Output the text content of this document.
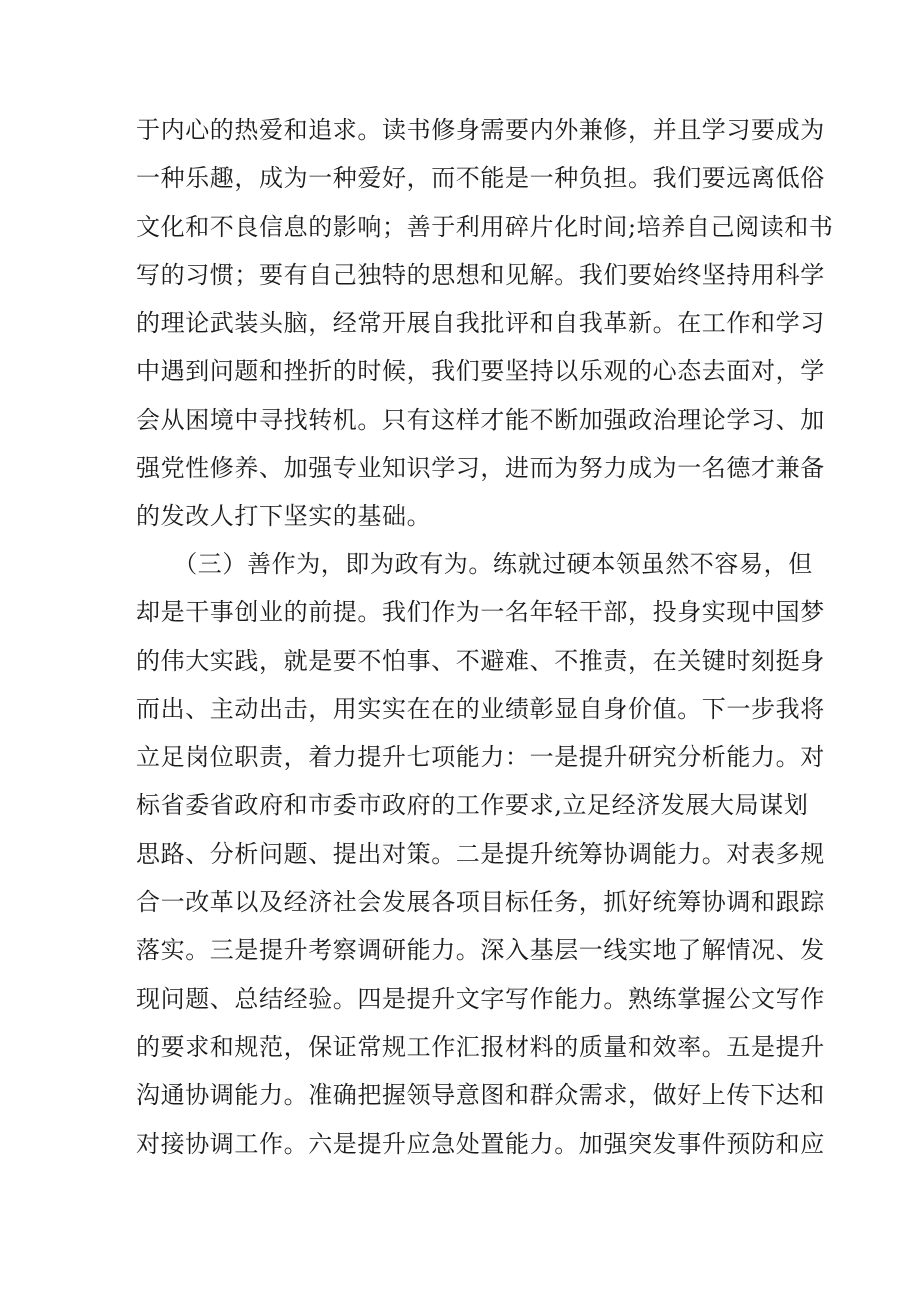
于内心的热爱和追求。读书修身需要内外兼修，并且学习要成为
一种乐趣，成为一种爱好，而不能是一种负担。我们要远离低俗
文化和不良信息的影响；善于利用碎片化时间;培养自己阅读和书
写的习惯；要有自己独特的思想和见解。我们要始终坚持用科学
的理论武装头脑，经常开展自我批评和自我革新。在工作和学习
中遇到问题和挫折的时候，我们要坚持以乐观的心态去面对，学
会从困境中寻找转机。只有这样才能不断加强政治理论学习、加
强党性修养、加强专业知识学习，进而为努力成为一名德才兼备
的发改人打下坚实的基础。
　　（三）善作为，即为政有为。练就过硬本领虽然不容易，但
却是干事创业的前提。我们作为一名年轻干部，投身实现中国梦
的伟大实践，就是要不怕事、不避难、不推责，在关键时刻挺身
而出、主动出击，用实实在在的业绩彰显自身价值。下一步我将
立足岗位职责，着力提升七项能力：一是提升研究分析能力。对
标省委省政府和市委市政府的工作要求,立足经济发展大局谋划
思路、分析问题、提出对策。二是提升统筹协调能力。对表多规
合一改革以及经济社会发展各项目标任务，抓好统筹协调和跟踪
落实。三是提升考察调研能力。深入基层一线实地了解情况、发
现问题、总结经验。四是提升文字写作能力。熟练掌握公文写作
的要求和规范，保证常规工作汇报材料的质量和效率。五是提升
沟通协调能力。准确把握领导意图和群众需求，做好上传下达和
对接协调工作。六是提升应急处置能力。加强突发事件预防和应
